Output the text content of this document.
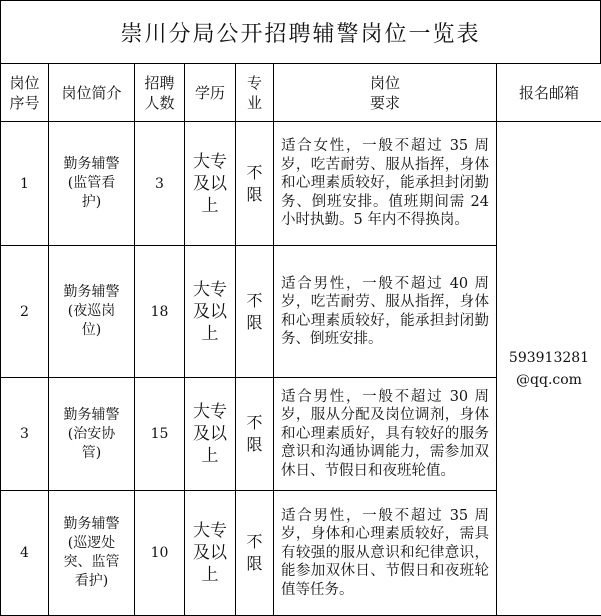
崇川分局公开招聘辅警岗位一览表
岗位序号	岗位简介	招聘人数	学历	专业	岗位要求	报名邮箱
1	勤务辅警(监管看护)	3	大专及以上	不限	适合女性，一般不超过 35 周岁，吃苦耐劳、服从指挥，身体和心理素质较好，能承担封闭勤务、倒班安排。值班期间需 24 小时执勤。5 年内不得换岗。	593913281@qq.com
2	勤务辅警(夜巡岗位)	18	大专及以上	不限	适合男性，一般不超过 40 周岁，吃苦耐劳、服从指挥，身体和心理素质较好，能承担封闭勤务、倒班安排。	
3	勤务辅警(治安协管)	15	大专及以上	不限	适合男性，一般不超过 30 周岁，服从分配及岗位调剂，身体和心理素质好，具有较好的服务意识和沟通协调能力，需参加双休日、节假日和夜班轮值。	
4	勤务辅警(巡逻处突、监管看护)	10	大专及以上	不限	适合男性，一般不超过 35 周岁，身体和心理素质较好，需具有较强的服从意识和纪律意识，能参加双休日、节假日和夜班轮值等任务。	
